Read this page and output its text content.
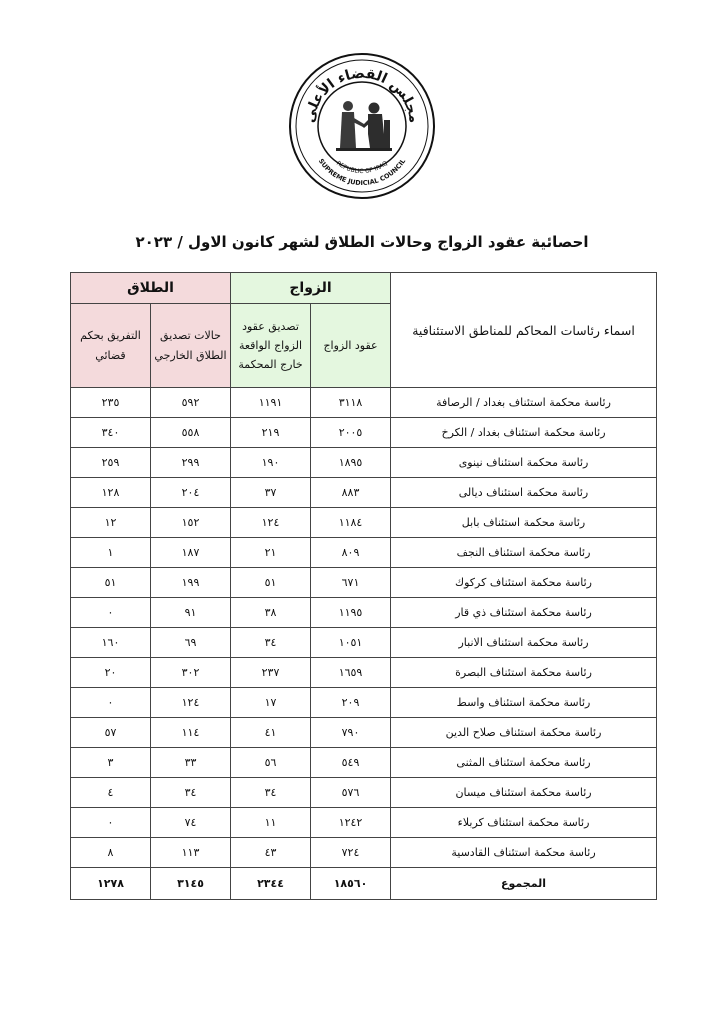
مجلس القضاء الأعلى
REPUBLIC OF IRAQ
SUPREME JUDICIAL COUNCIL
احصائية عقود الزواج وحالات الطلاق لشهر كانون الاول / ٢٠٢٣
اسماء رئاسات المحاكم للمناطق الاستئنافية	الزواج		الطلاق	
	عقود الزواج	تصديق عقود الزواج الواقعة خارج المحكمة	حالات تصديق الطلاق الخارجي	التفريق بحكم قضائي
رئاسة محكمة استئناف بغداد / الرصافة	٣١١٨	١١٩١	٥٩٢	٢٣٥
رئاسة محكمة استئناف بغداد / الكرخ	٢٠٠٥	٢١٩	٥٥٨	٣٤٠
رئاسة محكمة استئناف نينوى	١٨٩٥	١٩٠	٢٩٩	٢٥٩
رئاسة محكمة استئناف ديالى	٨٨٣	٣٧	٢٠٤	١٢٨
رئاسة محكمة استئناف بابل	١١٨٤	١٢٤	١٥٢	١٢
رئاسة محكمة استئناف النجف	٨٠٩	٢١	١٨٧	١
رئاسة محكمة استئناف كركوك	٦٧١	٥١	١٩٩	٥١
رئاسة محكمة استئناف ذي قار	١١٩٥	٣٨	٩١	٠
رئاسة محكمة استئناف الانبار	١٠٥١	٣٤	٦٩	١٦٠
رئاسة محكمة استئناف البصرة	١٦٥٩	٢٣٧	٣٠٢	٢٠
رئاسة محكمة استئناف واسط	٢٠٩	١٧	١٢٤	٠
رئاسة محكمة استئناف صلاح الدين	٧٩٠	٤١	١١٤	٥٧
رئاسة محكمة استئناف المثنى	٥٤٩	٥٦	٣٣	٣
رئاسة محكمة استئناف ميسان	٥٧٦	٣٤	٣٤	٤
رئاسة محكمة استئناف كربلاء	١٢٤٢	١١	٧٤	٠
رئاسة محكمة استئناف القادسية	٧٢٤	٤٣	١١٣	٨
المجموع	١٨٥٦٠	٢٣٤٤	٣١٤٥	١٢٧٨
